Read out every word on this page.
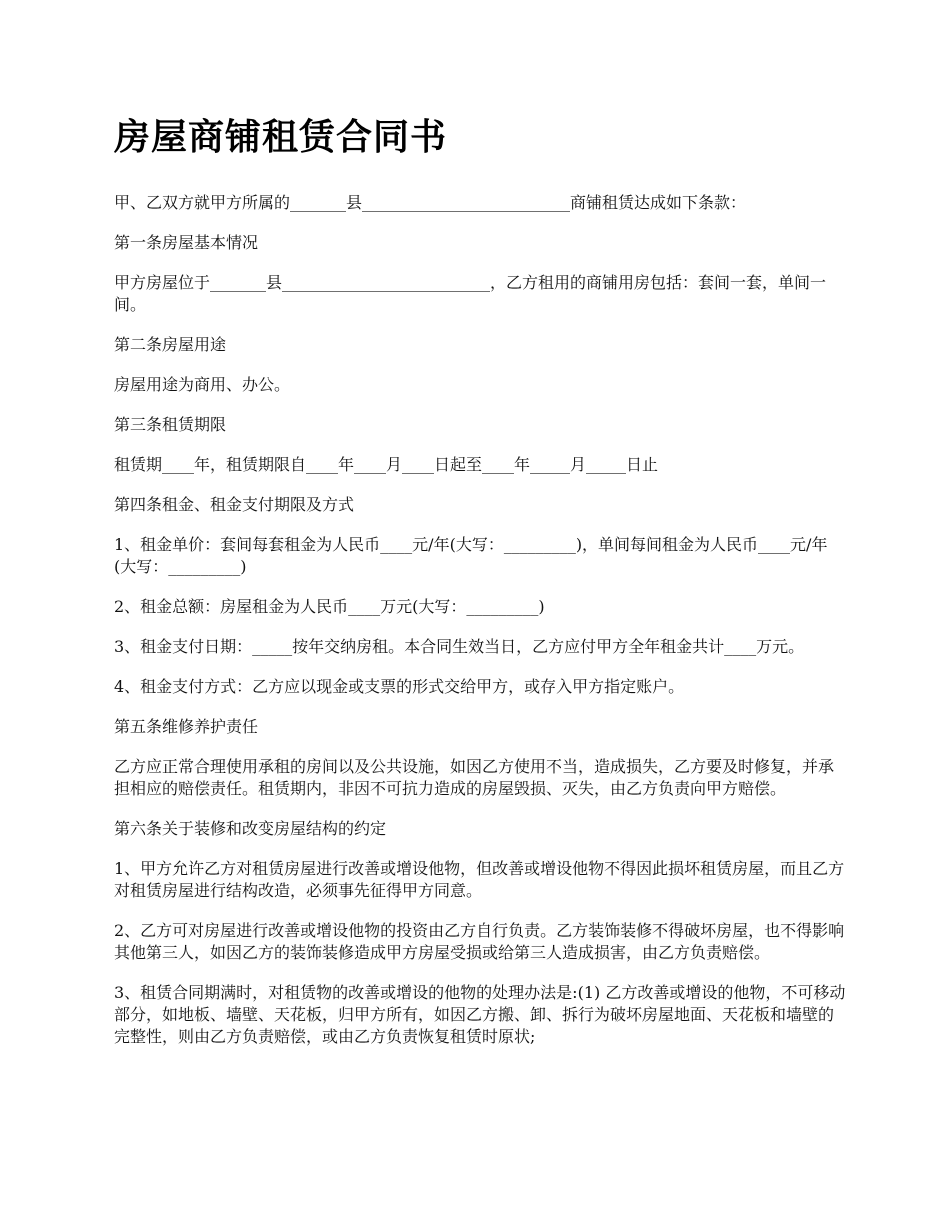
房屋商铺租赁合同书

甲、乙双方就甲方所属的_______县__________________________商铺租赁达成如下条款：

第一条房屋基本情况

甲方房屋位于_______县__________________________，乙方租用的商铺用房包括：套间一套，单间一间。

第二条房屋用途

房屋用途为商用、办公。

第三条租赁期限

租赁期____年，租赁期限自____年____月____日起至____年_____月_____日止

第四条租金、租金支付期限及方式

1、租金单价：套间每套租金为人民币____元/年(大写：_________)，单间每间租金为人民币____元/年(大写：_________)

2、租金总额：房屋租金为人民币____万元(大写：_________)

3、租金支付日期：_____按年交纳房租。本合同生效当日，乙方应付甲方全年租金共计____万元。

4、租金支付方式：乙方应以现金或支票的形式交给甲方，或存入甲方指定账户。

第五条维修养护责任

乙方应正常合理使用承租的房间以及公共设施，如因乙方使用不当，造成损失，乙方要及时修复，并承担相应的赔偿责任。租赁期内，非因不可抗力造成的房屋毁损、灭失，由乙方负责向甲方赔偿。

第六条关于装修和改变房屋结构的约定

1、甲方允许乙方对租赁房屋进行改善或增设他物，但改善或增设他物不得因此损坏租赁房屋，而且乙方对租赁房屋进行结构改造，必须事先征得甲方同意。

2、乙方可对房屋进行改善或增设他物的投资由乙方自行负责。乙方装饰装修不得破坏房屋，也不得影响其他第三人，如因乙方的装饰装修造成甲方房屋受损或给第三人造成损害，由乙方负责赔偿。

3、租赁合同期满时，对租赁物的改善或增设的他物的处理办法是:(1) 乙方改善或增设的他物，不可移动部分，如地板、墙壁、天花板，归甲方所有，如因乙方搬、卸、拆行为破坏房屋地面、天花板和墙壁的完整性，则由乙方负责赔偿，或由乙方负责恢复租赁时原状;
